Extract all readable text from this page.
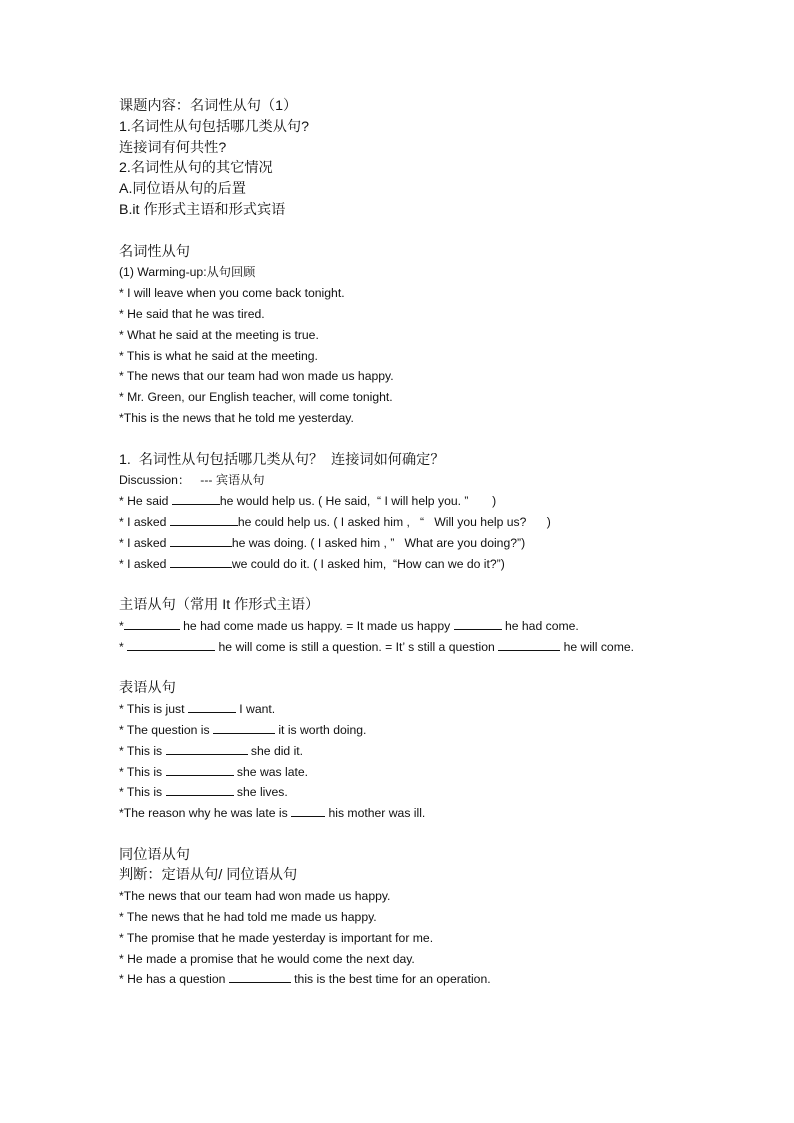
课题内容：名词性从句（1）
1.名词性从句包括哪几类从句?
连接词有何共性?
2.名词性从句的其它情况
A.同位语从句的后置
B.it 作形式主语和形式宾语
名词性从句
(1) Warming-up:从句回顾
* I will leave when you come back tonight.
* He said that he was tired.
* What he said at the meeting is true.
* This is what he said at the meeting.
* The news that our team had won made us happy.
* Mr. Green, our English teacher, will come tonight.
*This is the news that he told me yesterday.
1.  名词性从句包括哪几类从句？  连接词如何确定？
Discussion：   --- 宾语从句
* He said	he would help us. ( He said,  “ I will help you. ”       )
* I asked	he could help us. ( I asked him ,   “   Will you help us?      )
* I asked	he was doing. ( I asked him , ”   What are you doing?”)
* I asked	we could do it. ( I asked him,  “How can we do it?”)
主语从句（常用 It 作形式主语）
*	he had come made us happy. = It made us happy	he had come.
*	he will come is still a question. = It’ s still a question	he will come.
表语从句
* This is just	I want.
* The question is	it is worth doing.
* This is	she did it.
* This is	she was late.
* This is	she lives.
*The reason why he was late is	his mother was ill.
同位语从句
判断：定语从句/ 同位语从句
*The news that our team had won made us happy.
* The news that he had told me made us happy.
* The promise that he made yesterday is important for me.
* He made a promise that he would come the next day.
* He has a question	this is the best time for an operation.
